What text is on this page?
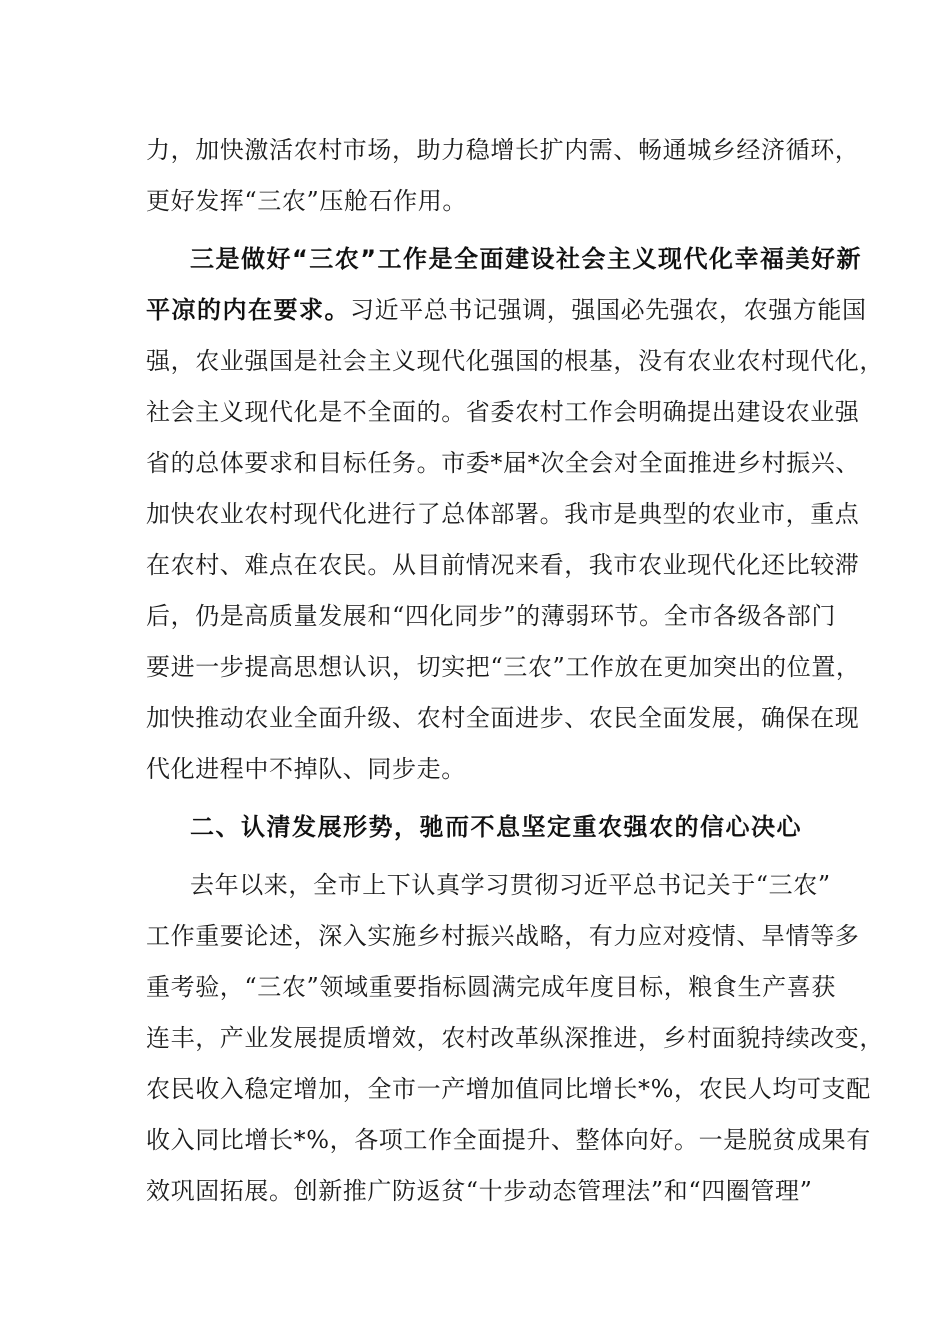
力，加快激活农村市场，助力稳增长扩内需、畅通城乡经济循环，
更好发挥“三农”压舱石作用。
三是做好“三农”工作是全面建设社会主义现代化幸福美好新
平凉的内在要求。习近平总书记强调，强国必先强农，农强方能国
强，农业强国是社会主义现代化强国的根基，没有农业农村现代化，
社会主义现代化是不全面的。省委农村工作会明确提出建设农业强
省的总体要求和目标任务。市委*届*次全会对全面推进乡村振兴、
加快农业农村现代化进行了总体部署。我市是典型的农业市，重点
在农村、难点在农民。从目前情况来看，我市农业现代化还比较滞
后，仍是高质量发展和“四化同步”的薄弱环节。全市各级各部门
要进一步提高思想认识，切实把“三农”工作放在更加突出的位置，
加快推动农业全面升级、农村全面进步、农民全面发展，确保在现
代化进程中不掉队、同步走。
二、认清发展形势，驰而不息坚定重农强农的信心决心
去年以来，全市上下认真学习贯彻习近平总书记关于“三农”
工作重要论述，深入实施乡村振兴战略，有力应对疫情、旱情等多
重考验，“三农”领域重要指标圆满完成年度目标，粮食生产喜获
连丰，产业发展提质增效，农村改革纵深推进，乡村面貌持续改变，
农民收入稳定增加，全市一产增加值同比增长*%，农民人均可支配
收入同比增长*%，各项工作全面提升、整体向好。一是脱贫成果有
效巩固拓展。创新推广防返贫“十步动态管理法”和“四圈管理”
